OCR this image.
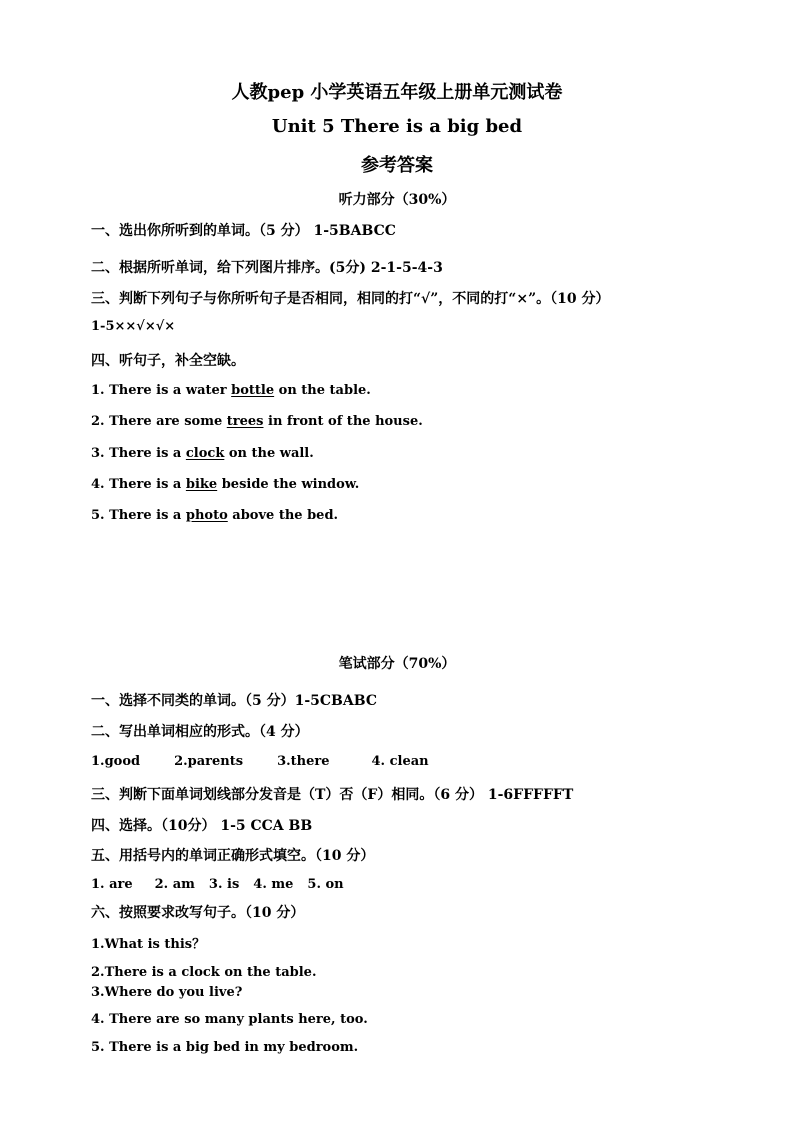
人教pep 小学英语五年级上册单元测试卷
Unit 5 There is a big bed
参考答案
听力部分（30%）
一、选出你所听到的单词。（5 分） 1-5BABCC
二、根据所听单词，给下列图片排序。(5分) 2-1-5-4-3
三、判断下列句子与你所听句子是否相同，相同的打“√”，不同的打“×”。（10 分）
1-5××√×√×
四、听句子，补全空缺。
1. There is a water bottle on the table.
2. There are some trees in front of the house.
3. There is a clock on the wall.
4. There is a bike beside the window.
5. There is a photo above the bed.
笔试部分（70%）
一、选择不同类的单词。（5 分）1-5CBABC
二、写出单词相应的形式。（4 分）
1.good	2.parents	3.there	4. clean
三、判断下面单词划线部分发音是（T）否（F）相同。（6 分） 1-6FFFFFT
四、选择。（10分） 1-5 CCA BB
五、用括号内的单词正确形式填空。（10 分）
1. are 2. am 3. is 4. me 5. on
六、按照要求改写句子。（10 分）
1.What is this？
2.There is a clock on the table.
3.Where do you live?
4. There are so many plants here, too.
5. There is a big bed in my bedroom.
